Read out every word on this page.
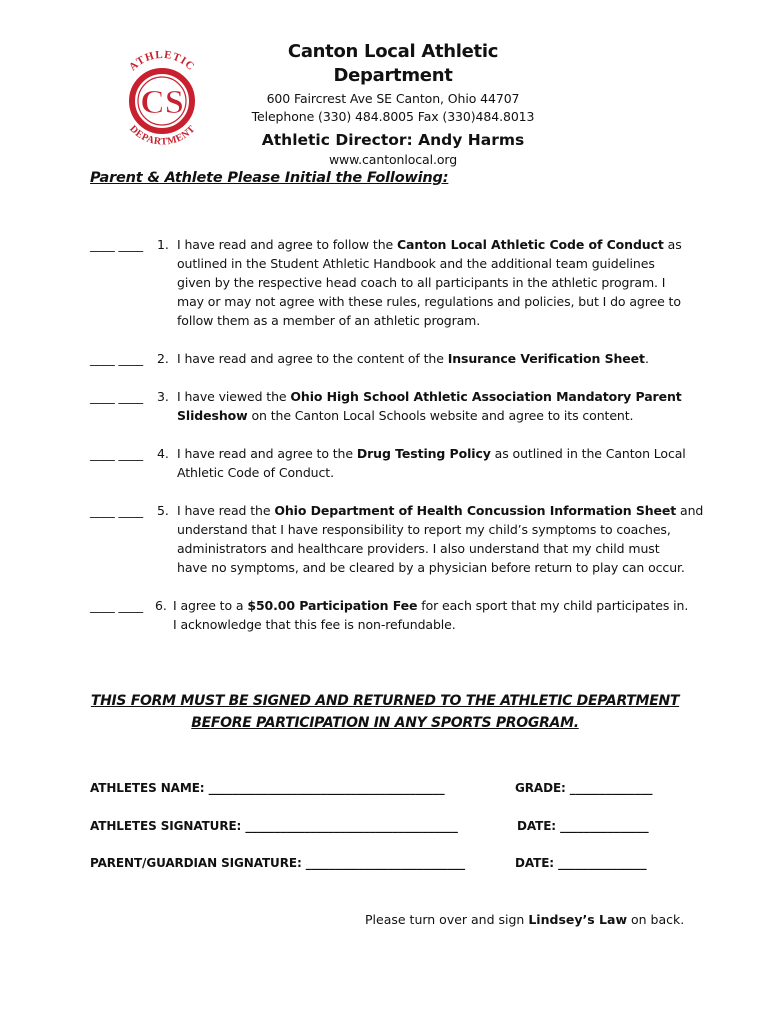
ATHLETIC
CS
DEPARTMENT
Canton Local Athletic Department
600 Faircrest Ave SE Canton, Ohio 44707
Telephone (330) 484.8005 Fax (330)484.8013
Athletic Director: Andy Harms
www.cantonlocal.org
Parent & Athlete Please Initial the Following:
____ ____ 1. I have read and agree to follow the Canton Local Athletic Code of Conduct as
outlined in the Student Athletic Handbook and the additional team guidelines
given by the respective head coach to all participants in the athletic program. I
may or may not agree with these rules, regulations and policies, but I do agree to
follow them as a member of an athletic program.
____ ____ 2. I have read and agree to the content of the Insurance Verification Sheet.
____ ____ 3. I have viewed the Ohio High School Athletic Association Mandatory Parent
Slideshow on the Canton Local Schools website and agree to its content.
____ ____ 4. I have read and agree to the Drug Testing Policy as outlined in the Canton Local
Athletic Code of Conduct.
____ ____ 5. I have read the Ohio Department of Health Concussion Information Sheet and
understand that I have responsibility to report my child’s symptoms to coaches,
administrators and healthcare providers. I also understand that my child must
have no symptoms, and be cleared by a physician before return to play can occur.
____ ____ 6. I agree to a $50.00 Participation Fee for each sport that my child participates in.
I acknowledge that this fee is non-refundable.
THIS FORM MUST BE SIGNED AND RETURNED TO THE ATHLETIC DEPARTMENT
BEFORE PARTICIPATION IN ANY SPORTS PROGRAM.
ATHLETES NAME: ________________________________________	GRADE: ______________
ATHLETES SIGNATURE: ____________________________________	DATE: _______________
PARENT/GUARDIAN SIGNATURE: ___________________________	DATE: _______________
Please turn over and sign Lindsey’s Law on back.
